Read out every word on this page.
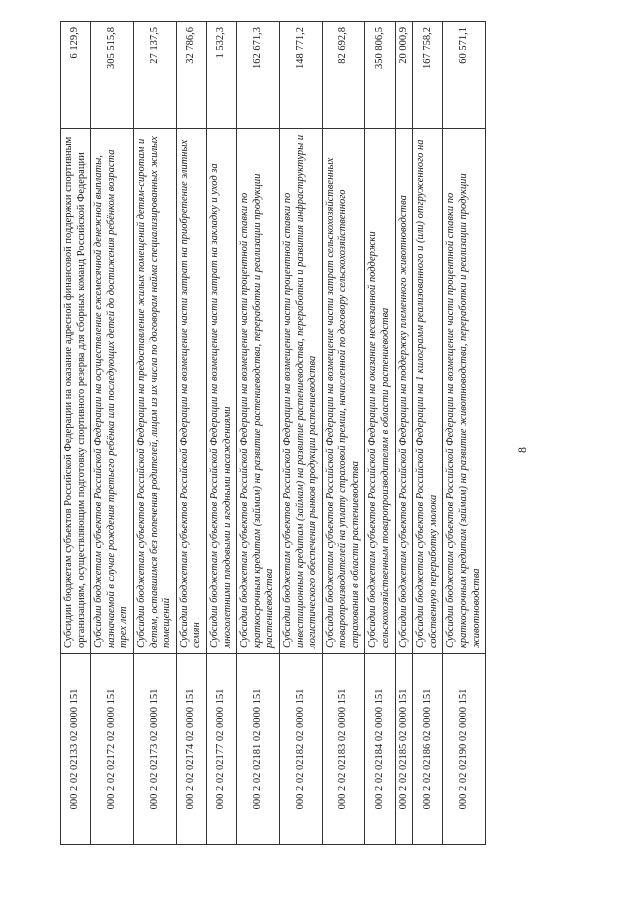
000 2 02 02133 02 0000 151	Субсидии бюджетам субъектов Российской Федерации на оказание адресной финансовой поддержки спортивным организациям, осуществляющим подготовку спортивного резерва для сборных команд Российской Федерации	6 129,9
000 2 02 02172 02 0000 151	Субсидии бюджетам субъектов Российской Федерации на осуществление ежемесячной денежной выплаты, назначаемой в случае рождения третьего ребёнка или последующих детей до достижения ребёнком возраста трех лет	305 515,8
000 2 02 02173 02 0000 151	Субсидии бюджетам субъектов Российской Федерации на предоставление жилых помещений детям-сиротам и детям, оставшимся без попечения родителей, лицам из их числа по договорам найма специализированных жилых помещений	27 137,5
000 2 02 02174 02 0000 151	Субсидии бюджетам субъектов Российской Федерации на возмещение части затрат на приобретение элитных семян	32 786,6
000 2 02 02177 02 0000 151	Субсидии бюджетам субъектов Российской Федерации на возмещение части затрат на закладку и уход за многолетними плодовыми и ягодными насаждениями	1 532,3
000 2 02 02181 02 0000 151	Субсидии бюджетам субъектов Российской Федерации на возмещение части процентной ставки по краткосрочным кредитам (займам) на развитие растениеводства, переработки и реализации продукции растениеводства	162 671,3
000 2 02 02182 02 0000 151	Субсидии бюджетам субъектов Российской Федерации на возмещение части процентной ставки по инвестиционным кредитам (займам) на развитие растениеводства, переработки и развития инфраструктуры и логистического обеспечения рынков продукции растениеводства	148 771,2
000 2 02 02183 02 0000 151	Субсидии бюджетам субъектов Российской Федерации на возмещение части затрат сельскохозяйственных товаропроизводителей на уплату страховой премии, начисленной по договору сельскохозяйственного страхования в области растениеводства	82 692,8
000 2 02 02184 02 0000 151	Субсидии бюджетам субъектов Российской Федерации на оказание несвязанной поддержки сельскохозяйственным товаропроизводителям в области растениеводства	350 806,5
000 2 02 02185 02 0000 151	Субсидии бюджетам субъектов Российской Федерации на поддержку племенного животноводства	20 000,9
000 2 02 02186 02 0000 151	Субсидии бюджетам субъектов Российской Федерации на 1 килограмм реализованного и (или) отгруженного на собственную переработку молока	167 758,2
000 2 02 02190 02 0000 151	Субсидии бюджетам субъектов Российской Федерации на возмещение части процентной ставки по краткосрочным кредитам (займам) на развитие животноводства, переработки и реализации продукции животноводства	60 571,1
8
